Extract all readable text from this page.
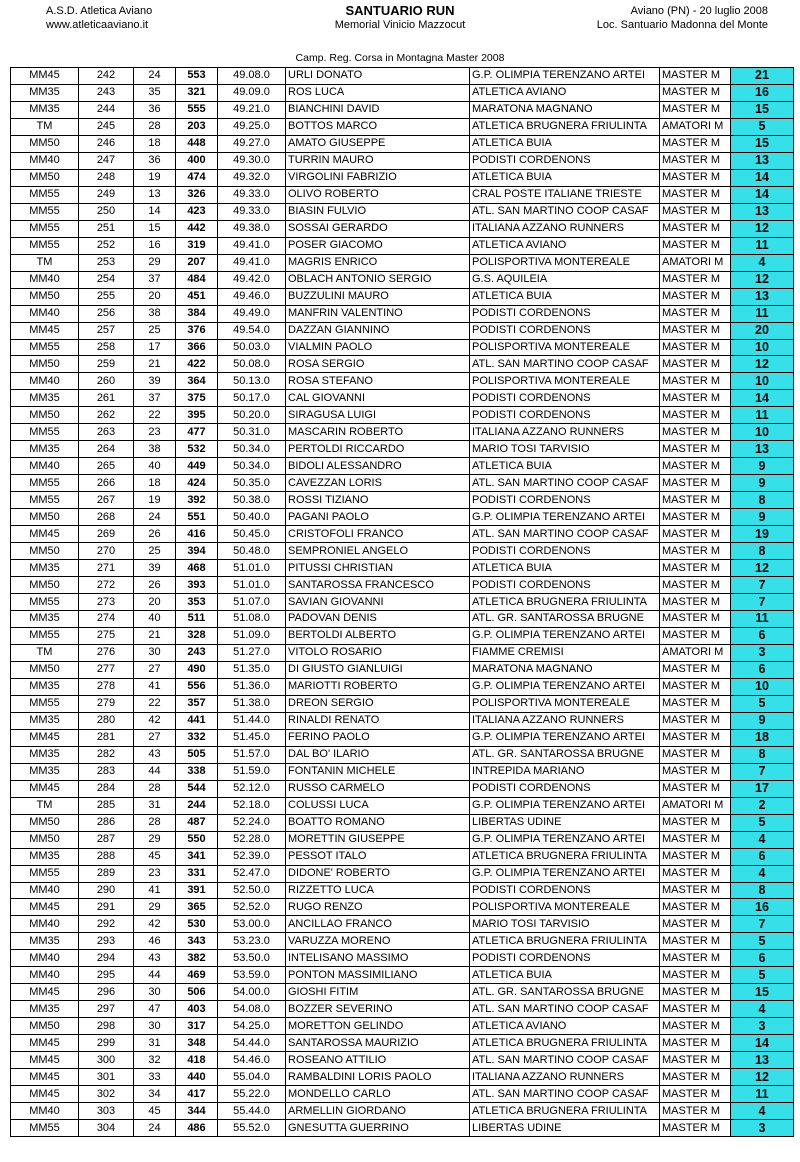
A.S.D. Atletica Aviano
www.atleticaaviano.it
SANTUARIO RUN
Memorial Vinicio Mazzocut
Aviano (PN) - 20 luglio 2008
Loc. Santuario Madonna del Monte
Camp. Reg. Corsa in Montagna Master 2008
MM45	242	24	553	49.08.0	URLI DONATO	G.P. OLIMPIA TERENZANO ARTEI	MASTER M	21
MM35	243	35	321	49.09.0	ROS LUCA	ATLETICA AVIANO	MASTER M	16
MM35	244	36	555	49.21.0	BIANCHINI DAVID	MARATONA MAGNANO	MASTER M	15
TM	245	28	203	49.25.0	BOTTOS MARCO	ATLETICA BRUGNERA FRIULINTA	AMATORI M	5
MM50	246	18	448	49.27.0	AMATO GIUSEPPE	ATLETICA BUIA	MASTER M	15
MM40	247	36	400	49.30.0	TURRIN MAURO	PODISTI CORDENONS	MASTER M	13
MM50	248	19	474	49.32.0	VIRGOLINI FABRIZIO	ATLETICA BUIA	MASTER M	14
MM55	249	13	326	49.33.0	OLIVO ROBERTO	CRAL POSTE ITALIANE TRIESTE	MASTER M	14
MM55	250	14	423	49.33.0	BIASIN FULVIO	ATL. SAN MARTINO COOP CASAF	MASTER M	13
MM55	251	15	442	49.38.0	SOSSAI GERARDO	ITALIANA AZZANO RUNNERS	MASTER M	12
MM55	252	16	319	49.41.0	POSER GIACOMO	ATLETICA AVIANO	MASTER M	11
TM	253	29	207	49.41.0	MAGRIS ENRICO	POLISPORTIVA MONTEREALE	AMATORI M	4
MM40	254	37	484	49.42.0	OBLACH ANTONIO SERGIO	G.S. AQUILEIA	MASTER M	12
MM50	255	20	451	49.46.0	BUZZULINI MAURO	ATLETICA BUIA	MASTER M	13
MM40	256	38	384	49.49.0	MANFRIN VALENTINO	PODISTI CORDENONS	MASTER M	11
MM45	257	25	376	49.54.0	DAZZAN GIANNINO	PODISTI CORDENONS	MASTER M	20
MM55	258	17	366	50.03.0	VIALMIN PAOLO	POLISPORTIVA MONTEREALE	MASTER M	10
MM50	259	21	422	50.08.0	ROSA SERGIO	ATL. SAN MARTINO COOP CASAF	MASTER M	12
MM40	260	39	364	50.13.0	ROSA STEFANO	POLISPORTIVA MONTEREALE	MASTER M	10
MM35	261	37	375	50.17.0	CAL GIOVANNI	PODISTI CORDENONS	MASTER M	14
MM50	262	22	395	50.20.0	SIRAGUSA LUIGI	PODISTI CORDENONS	MASTER M	11
MM55	263	23	477	50.31.0	MASCARIN ROBERTO	ITALIANA AZZANO RUNNERS	MASTER M	10
MM35	264	38	532	50.34.0	PERTOLDI RICCARDO	MARIO TOSI TARVISIO	MASTER M	13
MM40	265	40	449	50.34.0	BIDOLI ALESSANDRO	ATLETICA BUIA	MASTER M	9
MM55	266	18	424	50.35.0	CAVEZZAN LORIS	ATL. SAN MARTINO COOP CASAF	MASTER M	9
MM55	267	19	392	50.38.0	ROSSI TIZIANO	PODISTI CORDENONS	MASTER M	8
MM50	268	24	551	50.40.0	PAGANI PAOLO	G.P. OLIMPIA TERENZANO ARTEI	MASTER M	9
MM45	269	26	416	50.45.0	CRISTOFOLI FRANCO	ATL. SAN MARTINO COOP CASAF	MASTER M	19
MM50	270	25	394	50.48.0	SEMPRONIEL ANGELO	PODISTI CORDENONS	MASTER M	8
MM35	271	39	468	51.01.0	PITUSSI CHRISTIAN	ATLETICA BUIA	MASTER M	12
MM50	272	26	393	51.01.0	SANTAROSSA FRANCESCO	PODISTI CORDENONS	MASTER M	7
MM55	273	20	353	51.07.0	SAVIAN GIOVANNI	ATLETICA BRUGNERA FRIULINTA	MASTER M	7
MM35	274	40	511	51.08.0	PADOVAN DENIS	ATL. GR. SANTAROSSA BRUGNE	MASTER M	11
MM55	275	21	328	51.09.0	BERTOLDI ALBERTO	G.P. OLIMPIA TERENZANO ARTEI	MASTER M	6
TM	276	30	243	51.27.0	VITOLO ROSARIO	FIAMME CREMISI	AMATORI M	3
MM50	277	27	490	51.35.0	DI GIUSTO GIANLUIGI	MARATONA MAGNANO	MASTER M	6
MM35	278	41	556	51.36.0	MARIOTTI ROBERTO	G.P. OLIMPIA TERENZANO ARTEI	MASTER M	10
MM55	279	22	357	51.38.0	DREON SERGIO	POLISPORTIVA MONTEREALE	MASTER M	5
MM35	280	42	441	51.44.0	RINALDI RENATO	ITALIANA AZZANO RUNNERS	MASTER M	9
MM45	281	27	332	51.45.0	FERINO PAOLO	G.P. OLIMPIA TERENZANO ARTEI	MASTER M	18
MM35	282	43	505	51.57.0	DAL BO' ILARIO	ATL. GR. SANTAROSSA BRUGNE	MASTER M	8
MM35	283	44	338	51.59.0	FONTANIN MICHELE	INTREPIDA MARIANO	MASTER M	7
MM45	284	28	544	52.12.0	RUSSO CARMELO	PODISTI CORDENONS	MASTER M	17
TM	285	31	244	52.18.0	COLUSSI LUCA	G.P. OLIMPIA TERENZANO ARTEI	AMATORI M	2
MM50	286	28	487	52.24.0	BOATTO ROMANO	LIBERTAS UDINE	MASTER M	5
MM50	287	29	550	52.28.0	MORETTIN GIUSEPPE	G.P. OLIMPIA TERENZANO ARTEI	MASTER M	4
MM35	288	45	341	52.39.0	PESSOT ITALO	ATLETICA BRUGNERA FRIULINTA	MASTER M	6
MM55	289	23	331	52.47.0	DIDONE' ROBERTO	G.P. OLIMPIA TERENZANO ARTEI	MASTER M	4
MM40	290	41	391	52.50.0	RIZZETTO LUCA	PODISTI CORDENONS	MASTER M	8
MM45	291	29	365	52.52.0	RUGO RENZO	POLISPORTIVA MONTEREALE	MASTER M	16
MM40	292	42	530	53.00.0	ANCILLAO FRANCO	MARIO TOSI TARVISIO	MASTER M	7
MM35	293	46	343	53.23.0	VARUZZA MORENO	ATLETICA BRUGNERA FRIULINTA	MASTER M	5
MM40	294	43	382	53.50.0	INTELISANO MASSIMO	PODISTI CORDENONS	MASTER M	6
MM40	295	44	469	53.59.0	PONTON MASSIMILIANO	ATLETICA BUIA	MASTER M	5
MM45	296	30	506	54.00.0	GIOSHI FITIM	ATL. GR. SANTAROSSA BRUGNE	MASTER M	15
MM35	297	47	403	54.08.0	BOZZER SEVERINO	ATL. SAN MARTINO COOP CASAF	MASTER M	4
MM50	298	30	317	54.25.0	MORETTON GELINDO	ATLETICA AVIANO	MASTER M	3
MM45	299	31	348	54.44.0	SANTAROSSA MAURIZIO	ATLETICA BRUGNERA FRIULINTA	MASTER M	14
MM45	300	32	418	54.46.0	ROSEANO ATTILIO	ATL. SAN MARTINO COOP CASAF	MASTER M	13
MM45	301	33	440	55.04.0	RAMBALDINI LORIS PAOLO	ITALIANA AZZANO RUNNERS	MASTER M	12
MM45	302	34	417	55.22.0	MONDELLO CARLO	ATL. SAN MARTINO COOP CASAF	MASTER M	11
MM40	303	45	344	55.44.0	ARMELLIN GIORDANO	ATLETICA BRUGNERA FRIULINTA	MASTER M	4
MM55	304	24	486	55.52.0	GNESUTTA GUERRINO	LIBERTAS UDINE	MASTER M	3
